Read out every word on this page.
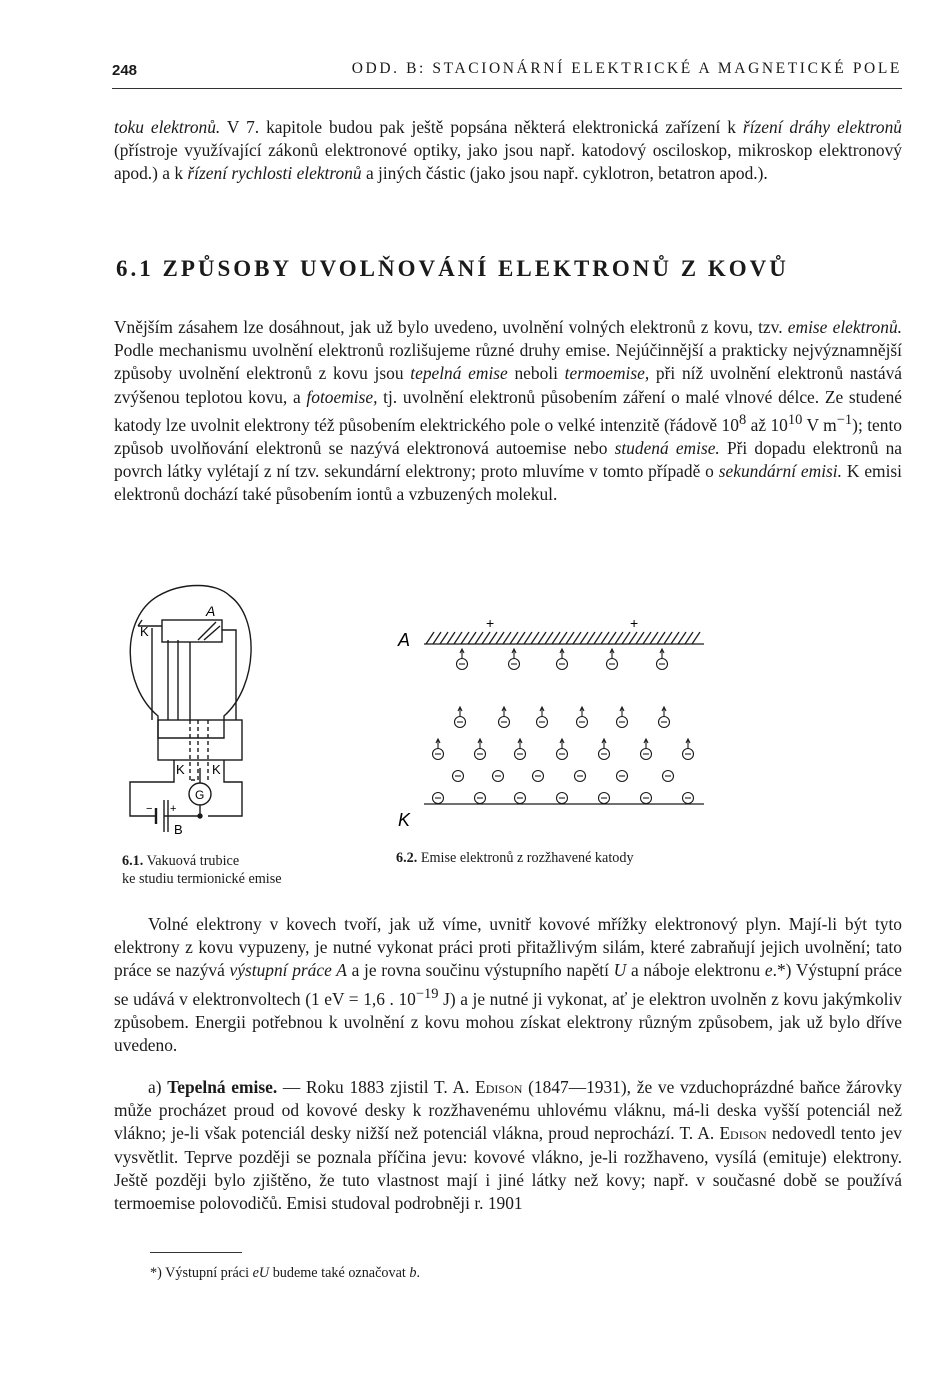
248	ODD. B: STACIONÁRNÍ ELEKTRICKÉ A MAGNETICKÉ POLE

toku elektronů. V 7. kapitole budou pak ještě popsána některá elektronická zařízení k řízení dráhy elektronů (přístroje využívající zákonů elektronové optiky, jako jsou např. katodový osciloskop, mikroskop elektronový apod.) a k řízení rychlosti elektronů a jiných částic (jako jsou např. cyklotron, betatron apod.).

6.1 ZPŮSOBY UVOLŇOVÁNÍ ELEKTRONŮ Z KOVŮ

Vnějším zásahem lze dosáhnout, jak už bylo uvedeno, uvolnění volných elektronů z kovu, tzv. emise elektronů. Podle mechanismu uvolnění elektronů rozlišujeme různé druhy emise. Nejúčinnější a prakticky nejvýznamnější způsoby uvolnění elektronů z kovu jsou tepelná emise neboli termoemise, při níž uvolnění elektronů nastává zvýšenou teplotou kovu, a fotoemise, tj. uvolnění elektronů působením záření o malé vlnové délce. Ze studené katody lze uvolnit elektrony též působením elektrického pole o velké intenzitě (řádově $10^8$ až $10^{10}$ V $m^{-1}$); tento způsob uvolňování elektronů se nazývá elektronová autoemise nebo studená emise. Při dopadu elektronů na povrch látky vylétají z ní tzv. sekundární elektrony; proto mluvíme v tomto případě o sekundární emisi. K emisi elektronů dochází také působením iontů a vzbuzených molekul.

A
K
K K
G
B
+
−

6.1. Vakuová trubice
ke studiu termionické emise

A
K
+	+

6.2. Emise elektronů z rozžhavené katody

Volné elektrony v kovech tvoří, jak už víme, uvnitř kovové mřížky elektronový plyn. Mají-li být tyto elektrony z kovu vypuzeny, je nutné vykonat práci proti přitažlivým silám, které zabraňují jejich uvolnění; tato práce se nazývá výstupní práce A a je rovna součinu výstupního napětí U a náboje elektronu e.*) Výstupní práce se udává v elektronvoltech (1 eV = 1,6 . $10^{-19}$ J) a je nutné ji vykonat, ať je elektron uvolněn z kovu jakýmkoliv způsobem. Energii potřebnou k uvolnění z kovu mohou získat elektrony různým způsobem, jak už bylo dříve uvedeno.

a) Tepelná emise. — Roku 1883 zjistil T. A. Edison (1847—1931), že ve vzduchoprázdné baňce žárovky může procházet proud od kovové desky k rozžhavenému uhlovému vláknu, má-li deska vyšší potenciál než vlákno; je-li však potenciál desky nižší než potenciál vlákna, proud neprochází. T. A. Edison nedovedl tento jev vysvětlit. Teprve později se poznala příčina jevu: kovové vlákno, je-li rozžhaveno, vysílá (emituje) elektrony. Ještě později bylo zjištěno, že tuto vlastnost mají i jiné látky než kovy; např. v současné době se používá termoemise polovodičů. Emisi studoval podrobněji r. 1901

*) Výstupní práci eU budeme také označovat b.
